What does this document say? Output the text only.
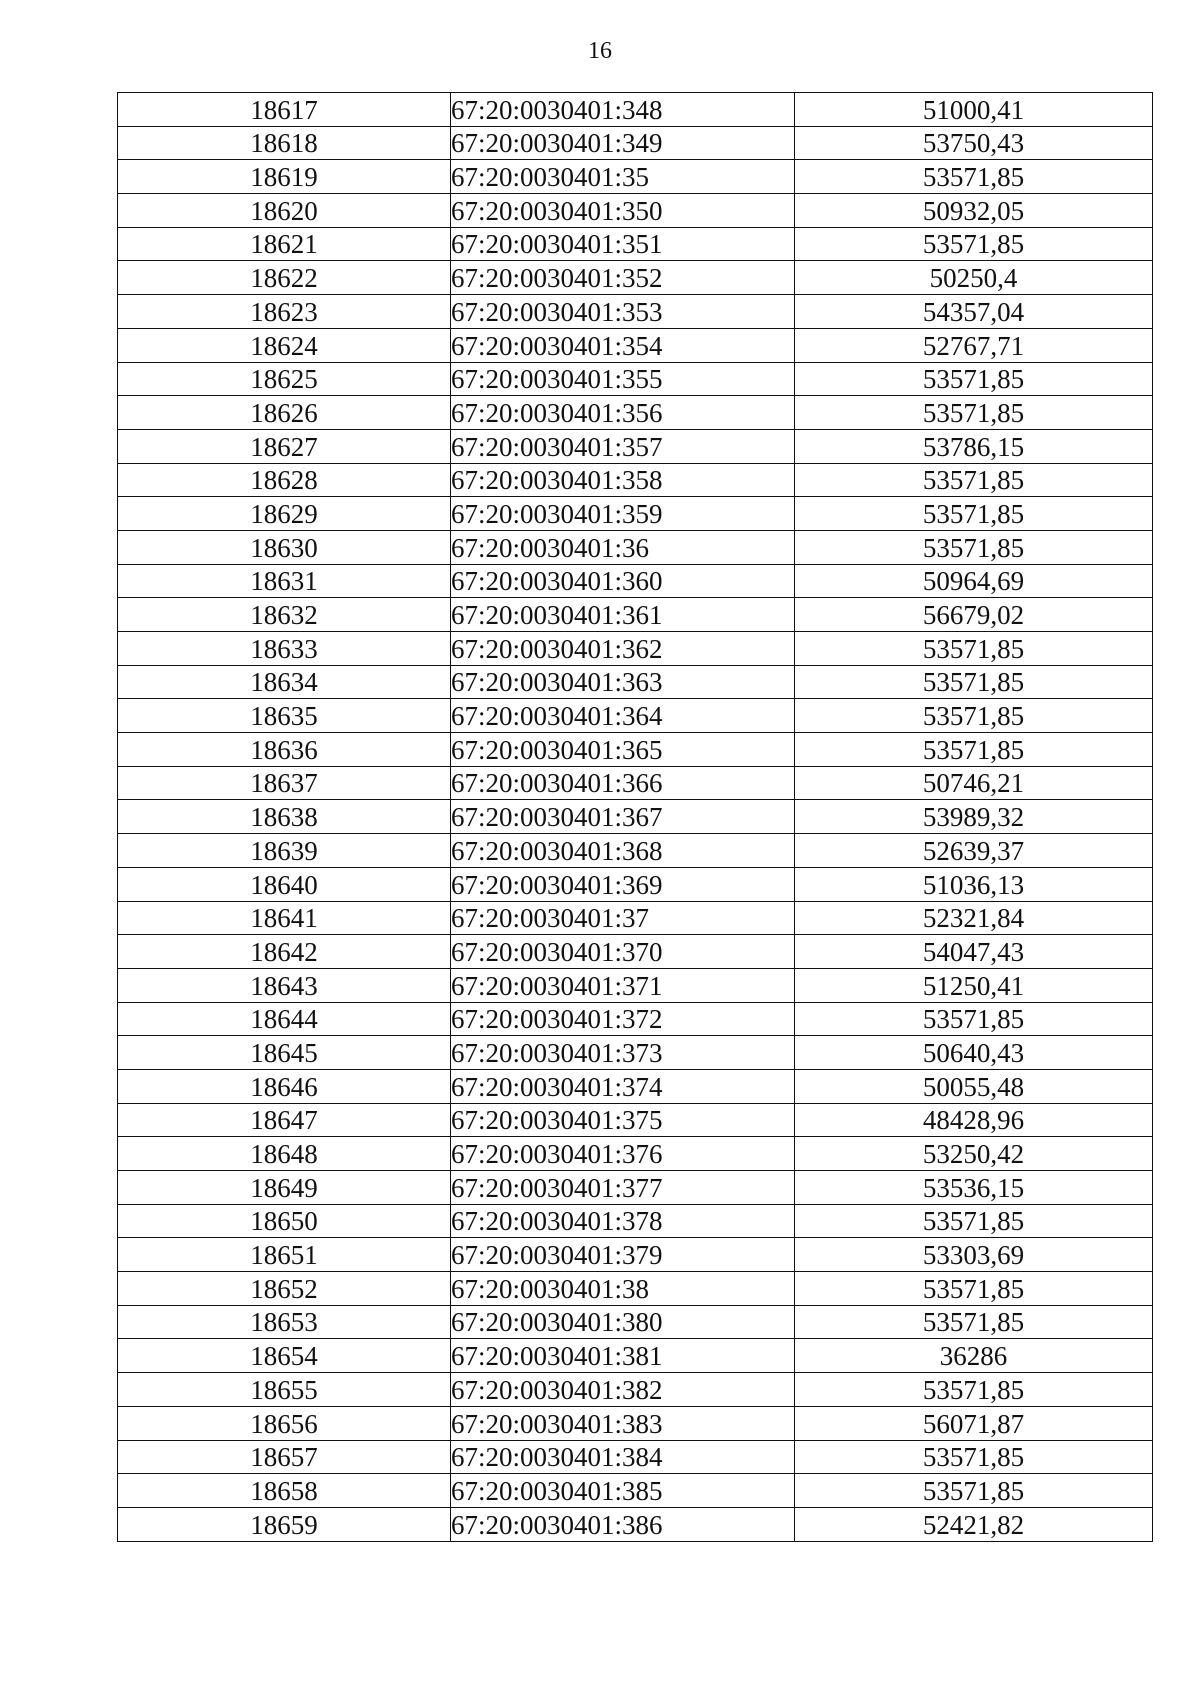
16
18617	67:20:0030401:348	51000,41
18618	67:20:0030401:349	53750,43
18619	67:20:0030401:35	53571,85
18620	67:20:0030401:350	50932,05
18621	67:20:0030401:351	53571,85
18622	67:20:0030401:352	50250,4
18623	67:20:0030401:353	54357,04
18624	67:20:0030401:354	52767,71
18625	67:20:0030401:355	53571,85
18626	67:20:0030401:356	53571,85
18627	67:20:0030401:357	53786,15
18628	67:20:0030401:358	53571,85
18629	67:20:0030401:359	53571,85
18630	67:20:0030401:36	53571,85
18631	67:20:0030401:360	50964,69
18632	67:20:0030401:361	56679,02
18633	67:20:0030401:362	53571,85
18634	67:20:0030401:363	53571,85
18635	67:20:0030401:364	53571,85
18636	67:20:0030401:365	53571,85
18637	67:20:0030401:366	50746,21
18638	67:20:0030401:367	53989,32
18639	67:20:0030401:368	52639,37
18640	67:20:0030401:369	51036,13
18641	67:20:0030401:37	52321,84
18642	67:20:0030401:370	54047,43
18643	67:20:0030401:371	51250,41
18644	67:20:0030401:372	53571,85
18645	67:20:0030401:373	50640,43
18646	67:20:0030401:374	50055,48
18647	67:20:0030401:375	48428,96
18648	67:20:0030401:376	53250,42
18649	67:20:0030401:377	53536,15
18650	67:20:0030401:378	53571,85
18651	67:20:0030401:379	53303,69
18652	67:20:0030401:38	53571,85
18653	67:20:0030401:380	53571,85
18654	67:20:0030401:381	36286
18655	67:20:0030401:382	53571,85
18656	67:20:0030401:383	56071,87
18657	67:20:0030401:384	53571,85
18658	67:20:0030401:385	53571,85
18659	67:20:0030401:386	52421,82
